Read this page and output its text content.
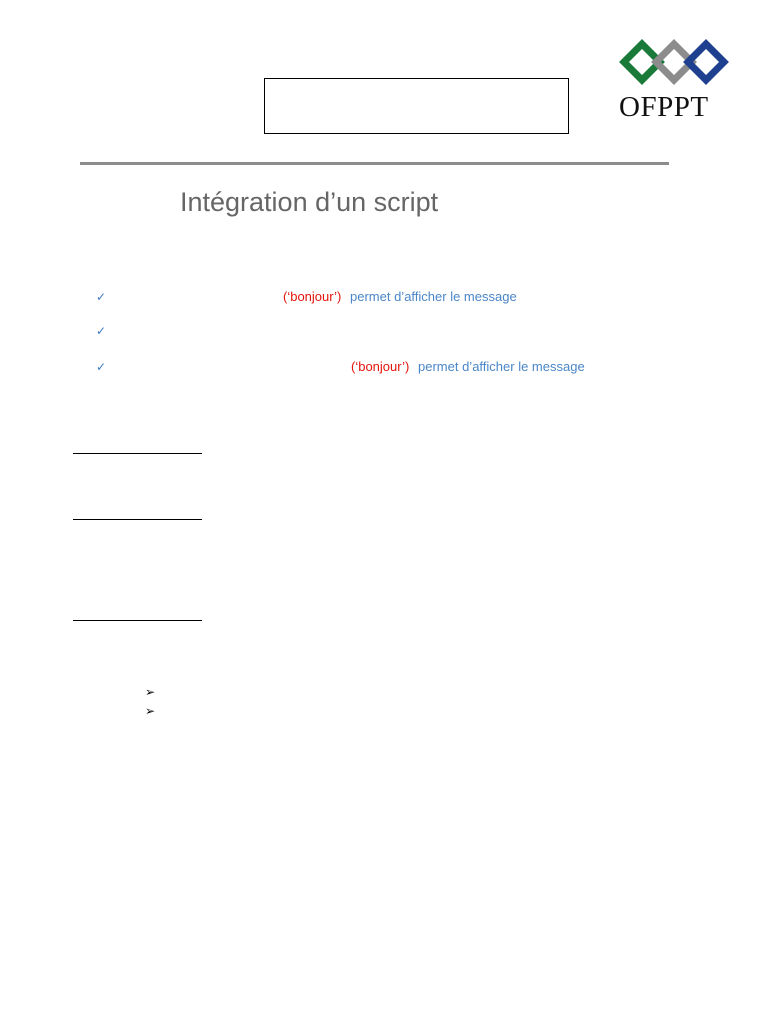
OFPPT
Intégration d’un script
✓	(‘bonjour’) permet d’afficher le message
✓
✓	(‘bonjour’) permet d’afficher le message
➢
➢
